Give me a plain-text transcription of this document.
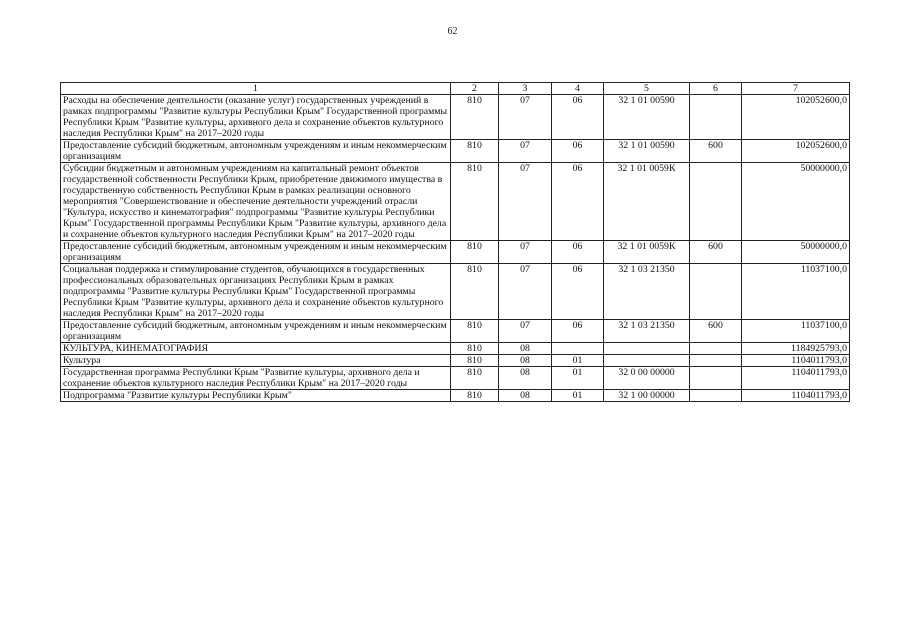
62
1	2	3	4	5	6	7
Расходы на обеспечение деятельности (оказание услуг) государственных учреждений в рамках подпрограммы "Развитие культуры Республики Крым" Государственной программы Республики Крым "Развитие культуры, архивного дела и сохранение объектов культурного наследия Республики Крым" на 2017–2020 годы	810	07	06	32 1 01 00590		102052600,0
Предоставление субсидий бюджетным, автономным учреждениям и иным некоммерческим организациям	810	07	06	32 1 01 00590	600	102052600,0
Субсидии бюджетным и автономным учреждениям на капитальный ремонт объектов государственной собственности Республики Крым, приобретение движимого имущества в государственную собственность Республики Крым в рамках реализации основного мероприятия "Совершенствование и обеспечение деятельности учреждений отрасли "Культура, искусство и кинематография" подпрограммы "Развитие культуры Республики Крым" Государственной программы Республики Крым "Развитие культуры, архивного дела и сохранение объектов культурного наследия Республики Крым" на 2017–2020 годы	810	07	06	32 1 01 0059К		50000000,0
Предоставление субсидий бюджетным, автономным учреждениям и иным некоммерческим организациям	810	07	06	32 1 01 0059К	600	50000000,0
Социальная поддержка и стимулирование студентов, обучающихся в государственных профессиональных образовательных организациях Республики Крым в рамках подпрограммы "Развитие культуры Республики Крым" Государственной программы Республики Крым "Развитие культуры, архивного дела и сохранение объектов культурного наследия Республики Крым" на 2017–2020 годы	810	07	06	32 1 03 21350		11037100,0
Предоставление субсидий бюджетным, автономным учреждениям и иным некоммерческим организациям	810	07	06	32 1 03 21350	600	11037100,0
КУЛЬТУРА, КИНЕМАТОГРАФИЯ	810	08				1184925793,0
Культура	810	08	01			1104011793,0
Государственная программа Республики Крым "Развитие культуры, архивного дела и сохранение объектов культурного наследия Республики Крым" на 2017–2020 годы	810	08	01	32 0 00 00000		1104011793,0
Подпрограмма "Развитие культуры Республики Крым"	810	08	01	32 1 00 00000		1104011793,0
